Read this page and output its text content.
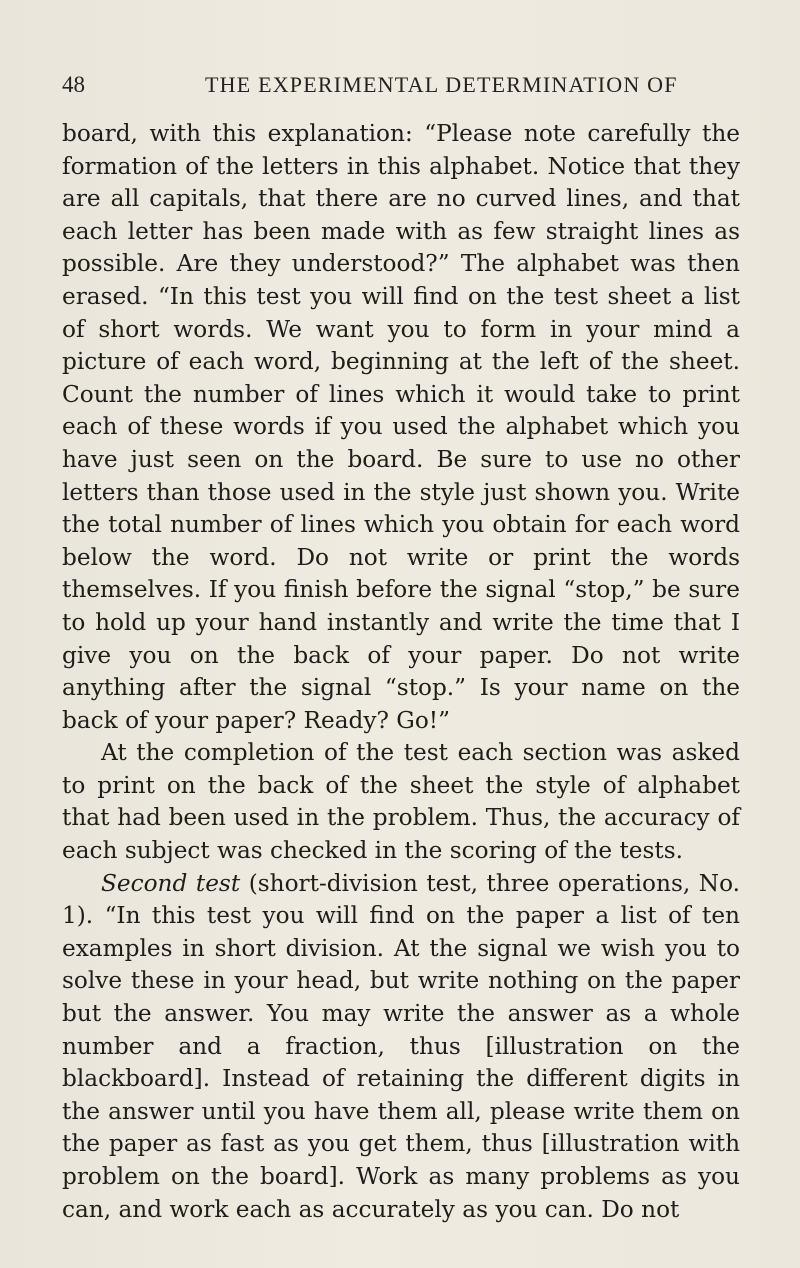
48	THE EXPERIMENTAL DETERMINATION OF

board, with this explanation: “Please note carefully the formation of the letters in this alphabet. Notice that they are all capitals, that there are no curved lines, and that each letter has been made with as few straight lines as possible. Are they understood?” The alphabet was then erased. “In this test you will find on the test sheet a list of short words. We want you to form in your mind a picture of each word, beginning at the left of the sheet. Count the number of lines which it would take to print each of these words if you used the alphabet which you have just seen on the board. Be sure to use no other letters than those used in the style just shown you. Write the total number of lines which you obtain for each word below the word. Do not write or print the words themselves. If you finish before the signal “stop,” be sure to hold up your hand instantly and write the time that I give you on the back of your paper. Do not write anything after the signal “stop.” Is your name on the back of your paper? Ready? Go!”

At the completion of the test each section was asked to print on the back of the sheet the style of alphabet that had been used in the problem. Thus, the accuracy of each subject was checked in the scoring of the tests.

Second test (short-division test, three operations, No. 1). “In this test you will find on the paper a list of ten examples in short division. At the signal we wish you to solve these in your head, but write nothing on the paper but the answer. You may write the answer as a whole number and a fraction, thus [illustration on the blackboard]. Instead of retaining the different digits in the answer until you have them all, please write them on the paper as fast as you get them, thus [illustration with problem on the board]. Work as many problems as you can, and work each as accurately as you can. Do not
